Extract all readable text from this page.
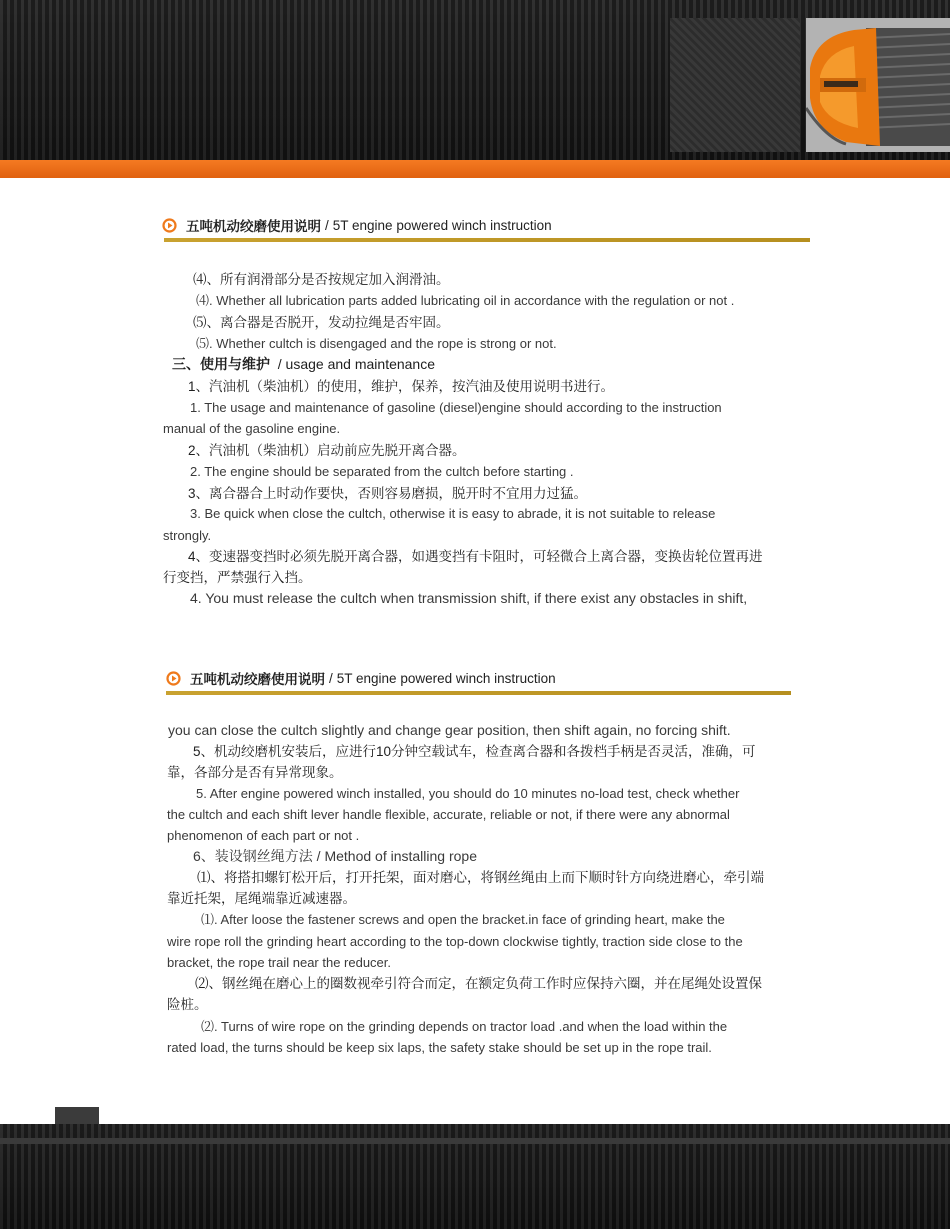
五吨机动绞磨使用说明 / 5T engine powered winch instruction
⑷、所有润滑部分是否按规定加入润滑油。
⑷. Whether all lubrication parts added lubricating oil in accordance with the regulation or not .
⑸、离合器是否脱开，发动拉绳是否牢固。
⑸. Whether cultch is disengaged and the rope is strong or not.
三、使用与维护 / usage and maintenance
1、汽油机（柴油机）的使用，维护，保养，按汽油及使用说明书进行。
1. The usage and maintenance of gasoline (diesel)engine should according to the instruction
manual of the gasoline engine.
2、汽油机（柴油机）启动前应先脱开离合器。
2. The engine should be separated from the cultch before starting .
3、离合器合上时动作要快，否则容易磨损，脱开时不宜用力过猛。
3. Be quick when close the cultch, otherwise it is easy to abrade, it is not suitable to release
strongly.
4、变速器变挡时必须先脱开离合器，如遇变挡有卡阻时，可轻微合上离合器，变换齿轮位置再进
行变挡，严禁强行入挡。
4. You must release the cultch when transmission shift, if there exist any obstacles in shift,
五吨机动绞磨使用说明 / 5T engine powered winch instruction
you can close the cultch slightly and change gear position, then shift again, no forcing shift.
5、机动绞磨机安装后，应进行10分钟空载试车，检查离合器和各拨档手柄是否灵活，准确，可
靠，各部分是否有异常现象。
5. After engine powered winch installed, you should do 10 minutes no-load test, check whether
the cultch and each shift lever handle flexible, accurate, reliable or not, if there were any abnormal
phenomenon of each part or not .
6、装设钢丝绳方法 / Method of installing rope
⑴、将搭扣螺钉松开后，打开托架，面对磨心，将钢丝绳由上而下顺时针方向绕进磨心，牵引端
靠近托架，尾绳端靠近减速器。
⑴. After loose the fastener screws and open the bracket.in face of grinding heart, make the
wire rope roll the grinding heart according to the top-down clockwise tightly, traction side close to the
bracket, the rope trail near the reducer.
⑵、钢丝绳在磨心上的圈数视牵引符合而定，在额定负荷工作时应保持六圈，并在尾绳处设置保
险桩。
⑵. Turns of wire rope on the grinding depends on tractor load .and when the load within the
rated load, the turns should be keep six laps, the safety stake should be set up in the rope trail.
